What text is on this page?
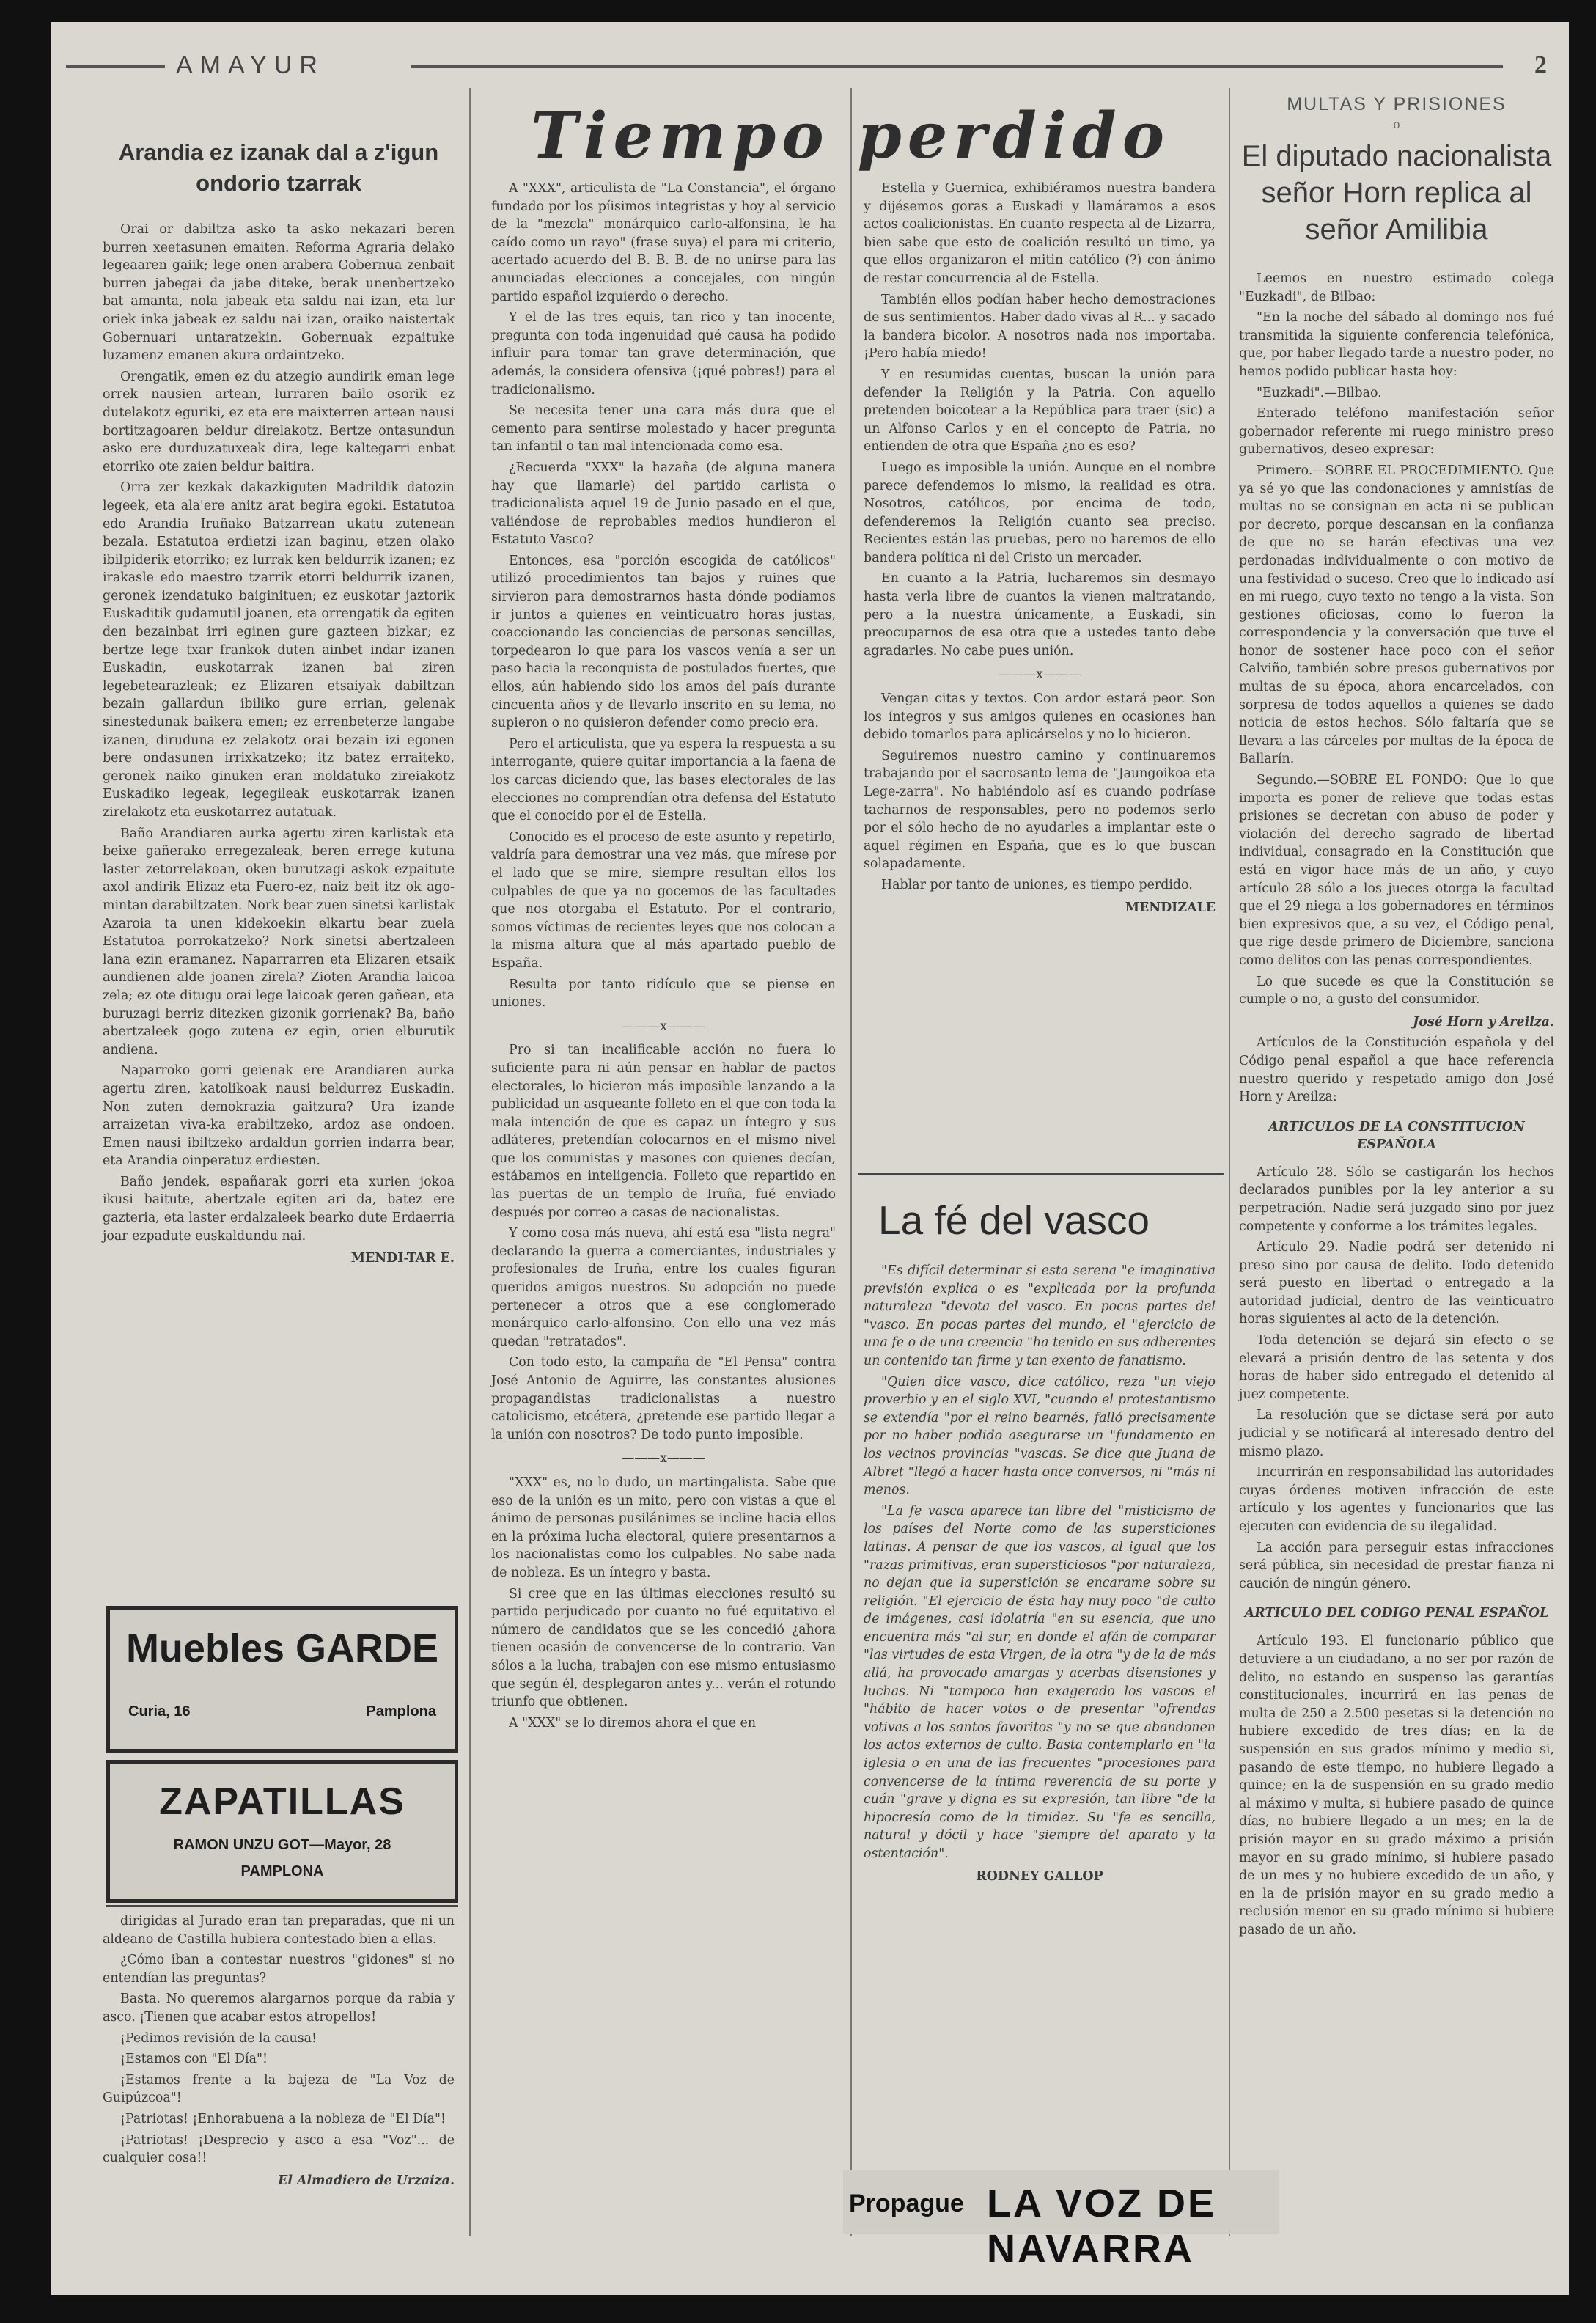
AMAYUR	2
Arandia ez izanak dal a z'igun ondorio tzarrak

Orai or dabiltza asko ta asko nekazari beren burren xeetasunen emaiten. Reforma Agraria delako legeaaren gaiik; lege onen arabera Gobernua zenbait burren jabegai da jabe diteke, berak unenbertzeko bat amanta, nola jabeak eta saldu nai izan, eta lur oriek inka jabeak ez saldu nai izan, oraiko naistertak Gobernuari untaratzekin. Gobernuak ezpaituke luzamenz emanen akura ordaintzeko.

Orengatik, emen ez du atzegio aundirik eman lege orrek nausien artean, lurraren bailo osorik ez dutelakotz eguriki, ez eta ere maixterren artean nausi bortitzagoaren beldur direlakotz. Bertze ontasundun asko ere durduzatuxeak dira, lege kaltegarri enbat etorriko ote zaien beldur baitira.

Orra zer kezkak dakazkiguten Madrildik datozin legeek, eta ala'ere anitz arat begira egoki. Estatutoa edo Arandia Iruñako Batzarrean ukatu zutenean bezala. Estatutoa erdietzi izan baginu, etzen olako ibilpiderik etorriko; ez lurrak ken beldurrik izanen; ez irakasle edo maestro tzarrik etorri beldurrik izanen, geronek izendatuko baiginituen; ez euskotar jaztorik Euskaditik gudamutil joanen, eta orrengatik da egiten den bezainbat irri eginen gure gazteen bizkar; ez bertze lege txar frankok duten ainbet indar izanen Euskadin, euskotarrak izanen bai ziren legebetearazleak; ez Elizaren etsaiyak dabiltzan bezain gallardun ibiliko gure errian, gelenak sinestedunak baikera emen; ez errenbeterze langabe izanen, diruduna ez zelakotz orai bezain izi egonen bere ondasunen irrixkatzeko; itz batez erraiteko, geronek naiko ginuken eran moldatuko zireiakotz Euskadiko legeak, legegileak euskotarrak izanen zirelakotz eta euskotarrez autatuak.

Baño Arandiaren aurka agertu ziren karlistak eta beixe gañerako erregezaleak, beren errege kutuna laster zetorrelakoan, oken burutzagi askok ezpaitute axol andirik Elizaz eta Fuero-ez, naiz beit itz ok ago-mintan darabiltzaten. Nork bear zuen sinetsi karlistak Azaroia ta unen kidekoekin elkartu bear zuela Estatutoa porrokatzeko? Nork sinetsi abertzaleen lana ezin eramanez. Naparrarren eta Elizaren etsaik aundienen alde joanen zirela? Zioten Arandia laicoa zela; ez ote ditugu orai lege laicoak geren gañean, eta buruzagi berriz ditezken gizonik gorrienak? Ba, baño abertzaleek gogo zutena ez egin, orien elburutik andiena.

Naparroko gorri geienak ere Arandiaren aurka agertu ziren, katolikoak nausi beldurrez Euskadin. Non zuten demokrazia gaitzura? Ura izande arraizetan viva-ka erabiltzeko, ardoz ase ondoen. Emen nausi ibiltzeko ardaldun gorrien indarra bear, eta Arandia oinperatuz erdiesten.

Baño jendek, españarak gorri eta xurien jokoa ikusi baitute, abertzale egiten ari da, batez ere gazteria, eta laster erdalzaleek bearko dute Erdaerria joar ezpadute euskaldundu nai.

MENDI-TAR E.

Muebles GARDE
Curia, 16	Pamplona
ZAPATILLAS
RAMON UNZU GOT—Mayor, 28
PAMPLONA

dirigidas al Jurado eran tan preparadas, que ni un aldeano de Castilla hubiera contestado bien a ellas.

¿Cómo iban a contestar nuestros "gidones" si no entendían las preguntas?

Basta. No queremos alargarnos porque da rabia y asco. ¡Tienen que acabar estos atropellos!

¡Pedimos revisión de la causa!

¡Estamos con "El Día"!

¡Estamos frente a la bajeza de "La Voz de Guipúzcoa"!

¡Patriotas! ¡Enhorabuena a la nobleza de "El Día"!

¡Patriotas! ¡Desprecio y asco a esa "Voz"... de cualquier cosa!!

El Almadiero de Urzaiza.

Tiempo perdido

A "XXX", articulista de "La Constancia", el órgano fundado por los píisimos integristas y hoy al servicio de la "mezcla" monárquico carlo-alfonsina, le ha caído como un rayo" (frase suya) el para mi criterio, acertado acuerdo del B. B. B. de no unirse para las anunciadas elecciones a concejales, con ningún partido español izquierdo o derecho.

Y el de las tres equis, tan rico y tan inocente, pregunta con toda ingenuidad qué causa ha podido influir para tomar tan grave determinación, que además, la considera ofensiva (¡qué pobres!) para el tradicionalismo.

Se necesita tener una cara más dura que el cemento para sentirse molestado y hacer pregunta tan infantil o tan mal intencionada como esa.

¿Recuerda "XXX" la hazaña (de alguna manera hay que llamarle) del partido carlista o tradicionalista aquel 19 de Junio pasado en el que, valiéndose de reprobables medios hundieron el Estatuto Vasco?

Entonces, esa "porción escogida de católicos" utilizó procedimientos tan bajos y ruines que sirvieron para demostrarnos hasta dónde podíamos ir juntos a quienes en veinticuatro horas justas, coaccionando las conciencias de personas sencillas, torpedearon lo que para los vascos venía a ser un paso hacia la reconquista de postulados fuertes, que ellos, aún habiendo sido los amos del país durante cincuenta años y de llevarlo inscrito en su lema, no supieron o no quisieron defender como precio era.

Pero el articulista, que ya espera la respuesta a su interrogante, quiere quitar importancia a la faena de los carcas diciendo que, las bases electorales de las elecciones no comprendían otra defensa del Estatuto que el conocido por el de Estella.

Conocido es el proceso de este asunto y repetirlo, valdría para demostrar una vez más, que mírese por el lado que se mire, siempre resultan ellos los culpables de que ya no gocemos de las facultades que nos otorgaba el Estatuto. Por el contrario, somos víctimas de recientes leyes que nos colocan a la misma altura que al más apartado pueblo de España.

Resulta por tanto ridículo que se piense en uniones.

———x———

Pro si tan incalificable acción no fuera lo suficiente para ni aún pensar en hablar de pactos electorales, lo hicieron más imposible lanzando a la publicidad un asqueante folleto en el que con toda la mala intención de que es capaz un íntegro y sus adláteres, pretendían colocarnos en el mismo nivel que los comunistas y masones con quienes decían, estábamos en inteligencia. Folleto que repartido en las puertas de un templo de Iruña, fué enviado después por correo a casas de nacionalistas.

Y como cosa más nueva, ahí está esa "lista negra" declarando la guerra a comerciantes, industriales y profesionales de Iruña, entre los cuales figuran queridos amigos nuestros. Su adopción no puede pertenecer a otros que a ese conglomerado monárquico carlo-alfonsino. Con ello una vez más quedan "retratados".

Con todo esto, la campaña de "El Pensa" contra José Antonio de Aguirre, las constantes alusiones propagandistas tradicionalistas a nuestro catolicismo, etcétera, ¿pretende ese partido llegar a la unión con nosotros? De todo punto imposible.

———x———

"XXX" es, no lo dudo, un martingalista. Sabe que eso de la unión es un mito, pero con vistas a que el ánimo de personas pusilánimes se incline hacia ellos en la próxima lucha electoral, quiere presentarnos a los nacionalistas como los culpables. No sabe nada de nobleza. Es un íntegro y basta.

Si cree que en las últimas elecciones resultó su partido perjudicado por cuanto no fué equitativo el número de candidatos que se les concedió ¿ahora tienen ocasión de convencerse de lo contrario. Van sólos a la lucha, trabajen con ese mismo entusiasmo que según él, desplegaron antes y... verán el rotundo triunfo que obtienen.

A "XXX" se lo diremos ahora el que en

Estella y Guernica, exhibiéramos nuestra bandera y dijésemos goras a Euskadi y llamáramos a esos actos coalicionistas. En cuanto respecta al de Lizarra, bien sabe que esto de coalición resultó un timo, ya que ellos organizaron el mitin católico (?) con ánimo de restar concurrencia al de Estella.

También ellos podían haber hecho demostraciones de sus sentimientos. Haber dado vivas al R... y sacado la bandera bicolor. A nosotros nada nos importaba. ¡Pero había miedo!

Y en resumidas cuentas, buscan la unión para defender la Religión y la Patria. Con aquello pretenden boicotear a la República para traer (sic) a un Alfonso Carlos y en el concepto de Patria, no entienden de otra que España ¿no es eso?

Luego es imposible la unión. Aunque en el nombre parece defendemos lo mismo, la realidad es otra. Nosotros, católicos, por encima de todo, defenderemos la Religión cuanto sea preciso. Recientes están las pruebas, pero no haremos de ello bandera política ni del Cristo un mercader.

En cuanto a la Patria, lucharemos sin desmayo hasta verla libre de cuantos la vienen maltratando, pero a la nuestra únicamente, a Euskadi, sin preocuparnos de esa otra que a ustedes tanto debe agradarles. No cabe pues unión.

———x———

Vengan citas y textos. Con ardor estará peor. Son los íntegros y sus amigos quienes en ocasiones han debido tomarlos para aplicárselos y no lo hicieron.

Seguiremos nuestro camino y continuaremos trabajando por el sacrosanto lema de "Jaungoikoa eta Lege-zarra". No habiéndolo así es cuando podríase tacharnos de responsables, pero no podemos serlo por el sólo hecho de no ayudarles a implantar este o aquel régimen en España, que es lo que buscan solapadamente.

Hablar por tanto de uniones, es tiempo perdido.

MENDIZALE

La fé del vasco

"Es difícil determinar si esta serena "e imaginativa previsión explica o es "explicada por la profunda naturaleza "devota del vasco. En pocas partes del "vasco. En pocas partes del mundo, el "ejercicio de una fe o de una creencia "ha tenido en sus adherentes un contenido tan firme y tan exento de fanatismo.

"Quien dice vasco, dice católico, reza "un viejo proverbio y en el siglo XVI, "cuando el protestantismo se extendía "por el reino bearnés, falló precisamente por no haber podido asegurarse un "fundamento en los vecinos provincias "vascas. Se dice que Juana de Albret "llegó a hacer hasta once conversos, ni "más ni menos.

"La fe vasca aparece tan libre del "misticismo de los países del Norte como de las supersticiones latinas. A pensar de que los vascos, al igual que los "razas primitivas, eran supersticiosos "por naturaleza, no dejan que la superstición se encarame sobre su religión. "El ejercicio de ésta hay muy poco "de culto de imágenes, casi idolatría "en su esencia, que uno encuentra más "al sur, en donde el afán de comparar "las virtudes de esta Virgen, de la otra "y de la de más allá, ha provocado amargas y acerbas disensiones y luchas. Ni "tampoco han exagerado los vascos el "hábito de hacer votos o de presentar "ofrendas votivas a los santos favoritos "y no se que abandonen los actos externos de culto. Basta contemplarlo en "la iglesia o en una de las frecuentes "procesiones para convencerse de la íntima reverencia de su porte y cuán "grave y digna es su expresión, tan libre "de la hipocresía como de la timidez. Su "fe es sencilla, natural y dócil y hace "siempre del aparato y la ostentación".

RODNEY GALLOP

Propague LA VOZ DE NAVARRA
MULTAS Y PRISIONES
—o—
El diputado nacionalista señor Horn replica al señor Amilibia

Leemos en nuestro estimado colega "Euzkadi", de Bilbao:

"En la noche del sábado al domingo nos fué transmitida la siguiente conferencia telefónica, que, por haber llegado tarde a nuestro poder, no hemos podido publicar hasta hoy:

"Euzkadi".—Bilbao.

Enterado teléfono manifestación señor gobernador referente mi ruego ministro preso gubernativos, deseo expresar:

Primero.—SOBRE EL PROCEDIMIENTO. Que ya sé yo que las condonaciones y amnistías de multas no se consignan en acta ni se publican por decreto, porque descansan en la confianza de que no se harán efectivas una vez perdonadas individualmente o con motivo de una festividad o suceso. Creo que lo indicado así en mi ruego, cuyo texto no tengo a la vista. Son gestiones oficiosas, como lo fueron la correspondencia y la conversación que tuve el honor de sostener hace poco con el señor Calviño, también sobre presos gubernativos por multas de su época, ahora encarcelados, con sorpresa de todos aquellos a quienes se dado noticia de estos hechos. Sólo faltaría que se llevara a las cárceles por multas de la época de Ballarín.

Segundo.—SOBRE EL FONDO: Que lo que importa es poner de relieve que todas estas prisiones se decretan con abuso de poder y violación del derecho sagrado de libertad individual, consagrado en la Constitución que está en vigor hace más de un año, y cuyo artículo 28 sólo a los jueces otorga la facultad que el 29 niega a los gobernadores en términos bien expresivos que, a su vez, el Código penal, que rige desde primero de Diciembre, sanciona como delitos con las penas correspondientes.

Lo que sucede es que la Constitución se cumple o no, a gusto del consumidor.

José Horn y Areilza.

Artículos de la Constitución española y del Código penal español a que hace referencia nuestro querido y respetado amigo don José Horn y Areilza:

ARTICULOS DE LA CONSTITUCION ESPAÑOLA

Artículo 28. Sólo se castigarán los hechos declarados punibles por la ley anterior a su perpetración. Nadie será juzgado sino por juez competente y conforme a los trámites legales.

Artículo 29. Nadie podrá ser detenido ni preso sino por causa de delito. Todo detenido será puesto en libertad o entregado a la autoridad judicial, dentro de las veinticuatro horas siguientes al acto de la detención.

Toda detención se dejará sin efecto o se elevará a prisión dentro de las setenta y dos horas de haber sido entregado el detenido al juez competente.

La resolución que se dictase será por auto judicial y se notificará al interesado dentro del mismo plazo.

Incurrirán en responsabilidad las autoridades cuyas órdenes motiven infracción de este artículo y los agentes y funcionarios que las ejecuten con evidencia de su ilegalidad.

La acción para perseguir estas infracciones será pública, sin necesidad de prestar fianza ni caución de ningún género.

ARTICULO DEL CODIGO PENAL ESPAÑOL

Artículo 193. El funcionario público que detuviere a un ciudadano, a no ser por razón de delito, no estando en suspenso las garantías constitucionales, incurrirá en las penas de multa de 250 a 2.500 pesetas si la detención no hubiere excedido de tres días; en la de suspensión en sus grados mínimo y medio si, pasando de este tiempo, no hubiere llegado a quince; en la de suspensión en su grado medio al máximo y multa, si hubiere pasado de quince días, no hubiere llegado a un mes; en la de prisión mayor en su grado máximo a prisión mayor en su grado mínimo, si hubiere pasado de un mes y no hubiere excedido de un año, y en la de prisión mayor en su grado medio a reclusión menor en su grado mínimo si hubiere pasado de un año.
